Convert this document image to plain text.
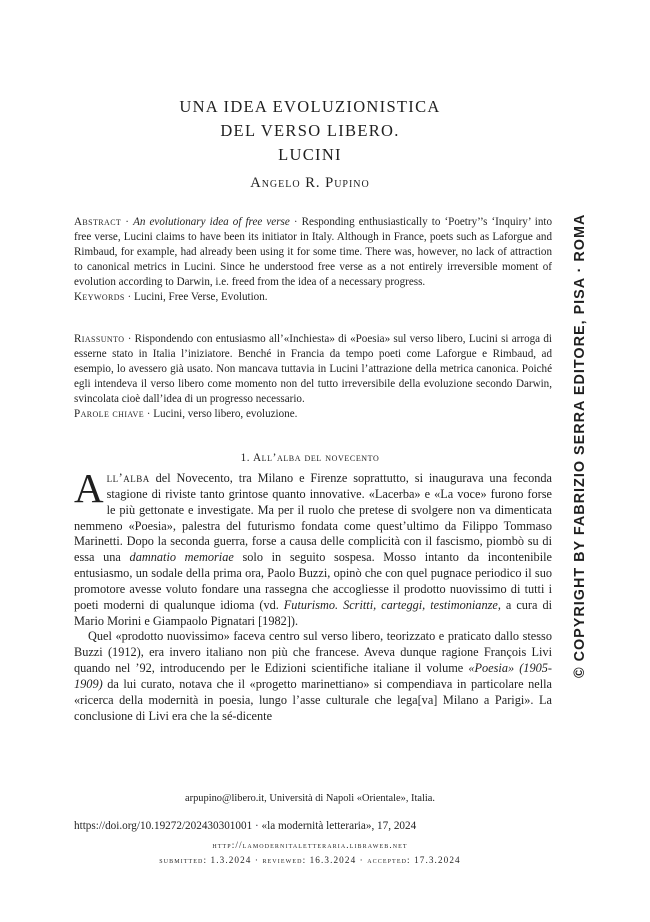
UNA IDEA EVOLUZIONISTICA
DEL VERSO LIBERO.
LUCINI
Angelo R. Pupino
Abstract · An evolutionary idea of free verse · Responding enthusiastically to ‘Poetry’’s ‘Inquiry’ into free verse, Lucini claims to have been its initiator in Italy. Although in France, poets such as Laforgue and Rimbaud, for example, had already been using it for some time. There was, however, no lack of attraction to canonical metrics in Lucini. Since he understood free verse as a not entirely irreversible moment of evolution according to Darwin, i.e. freed from the idea of a necessary progress.
Keywords · Lucini, Free Verse, Evolution.
Riassunto · Rispondendo con entusiasmo all’«Inchiesta» di «Poesia» sul verso libero, Lucini si arroga di esserne stato in Italia l’iniziatore. Benché in Francia da tempo poeti come Laforgue e Rimbaud, ad esempio, lo avessero già usato. Non mancava tuttavia in Lucini l’attrazione della metrica canonica. Poiché egli intendeva il verso libero come momento non del tutto irreversibile della evoluzione secondo Darwin, svincolata cioè dall’idea di un progresso necessario.
Parole chiave · Lucini, verso libero, evoluzione.
1. All’alba del novecento

All’alba del Novecento, tra Milano e Firenze soprattutto, si inaugurava una feconda stagione di riviste tanto grintose quanto innovative. «Lacerba» e «La voce» furono forse le più gettonate e investigate. Ma per il ruolo che pretese di svolgere non va dimenticata nemmeno «Poesia», palestra del futurismo fondata come quest’ultimo da Filippo Tommaso Marinetti. Dopo la seconda guerra, forse a causa delle complicità con il fascismo, piombò su di essa una damnatio memoriae solo in seguito sospesa. Mosso intanto da incontenibile entusiasmo, un sodale della prima ora, Paolo Buzzi, opinò che con quel pugnace periodico il suo promotore avesse voluto fondare una rassegna che accogliesse il prodotto nuovissimo di tutti i poeti moderni di qualunque idioma (vd. Futurismo. Scritti, carteggi, testimonianze, a cura di Mario Morini e Giampaolo Pignatari [1982]).

Quel «prodotto nuovissimo» faceva centro sul verso libero, teorizzato e praticato dallo stesso Buzzi (1912), era invero italiano non più che francese. Aveva dunque ragione François Livi quando nel ’92, introducendo per le Edizioni scientifiche italiane il volume «Poesia» (1905-1909) da lui curato, notava che il «progetto marinettiano» si compendiava in particolare nella «ricerca della modernità in poesia, lungo l’asse culturale che lega[va] Milano a Parigi». La conclusione di Livi era che la sé-dicente

arpupino@libero.it, Università di Napoli «Orientale», Italia.
https://doi.org/10.19272/202430301001 · «la modernità letteraria», 17, 2024
http://lamodernitaletteraria.libraweb.net
submitted: 1.3.2024 · reviewed: 16.3.2024 · accepted: 17.3.2024
© COPYRIGHT BY FABRIZIO SERRA EDITORE, PISA · ROMA
